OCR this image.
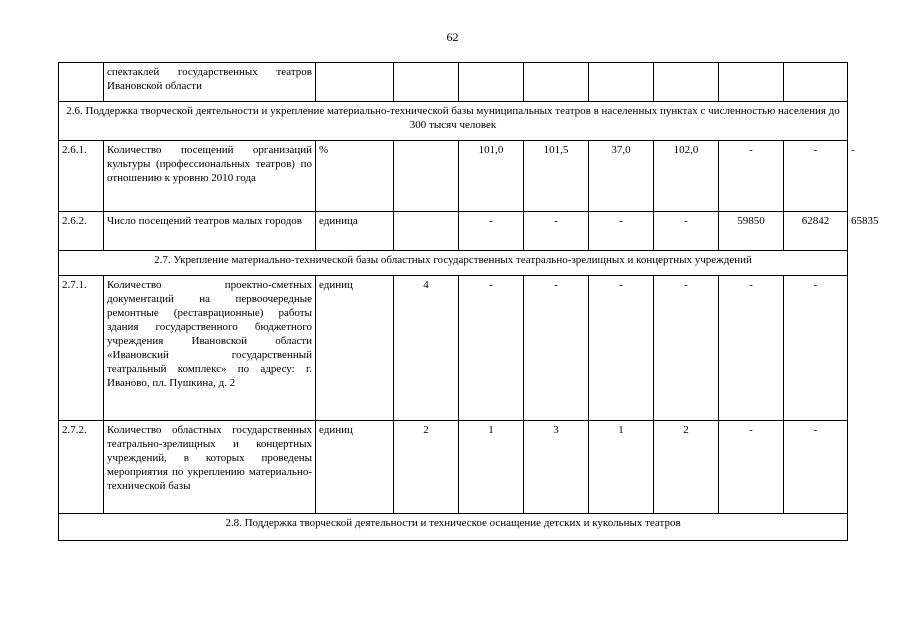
62
	спектаклей государственных театров Ивановской области									
2.6. Поддержка творческой деятельности и укрепление материально-технической базы муниципальных театров в населенных пунктах с численностью населения до 300 тысяч человек										
2.6.1.	Количество посещений организаций культуры (профессиональных театров) по отношению к уровню 2010 года	%		101,0	101,5	37,0	102,0	-	-	-
2.6.2.	Число посещений театров малых городов	единица		-	-	-	-	59850	62842	65835
2.7. Укрепление материально-технической базы областных государственных театрально-зрелищных и концертных учреждений										
2.7.1.	Количество проектно-сметных документаций на первоочередные ремонтные (реставрационные) работы здания государственного бюджетного учреждения Ивановской области «Ивановский государственный театральный комплекс» по адресу: г. Иваново, пл. Пушкина, д. 2	единиц	4	-	-	-	-	-	-	
2.7.2.	Количество областных государственных театрально-зрелищных и концертных учреждений, в которых проведены мероприятия по укреплению материально-технической базы	единиц	2	1	3	1	2	-	-	
2.8. Поддержка творческой деятельности и техническое оснащение детских и кукольных театров										
